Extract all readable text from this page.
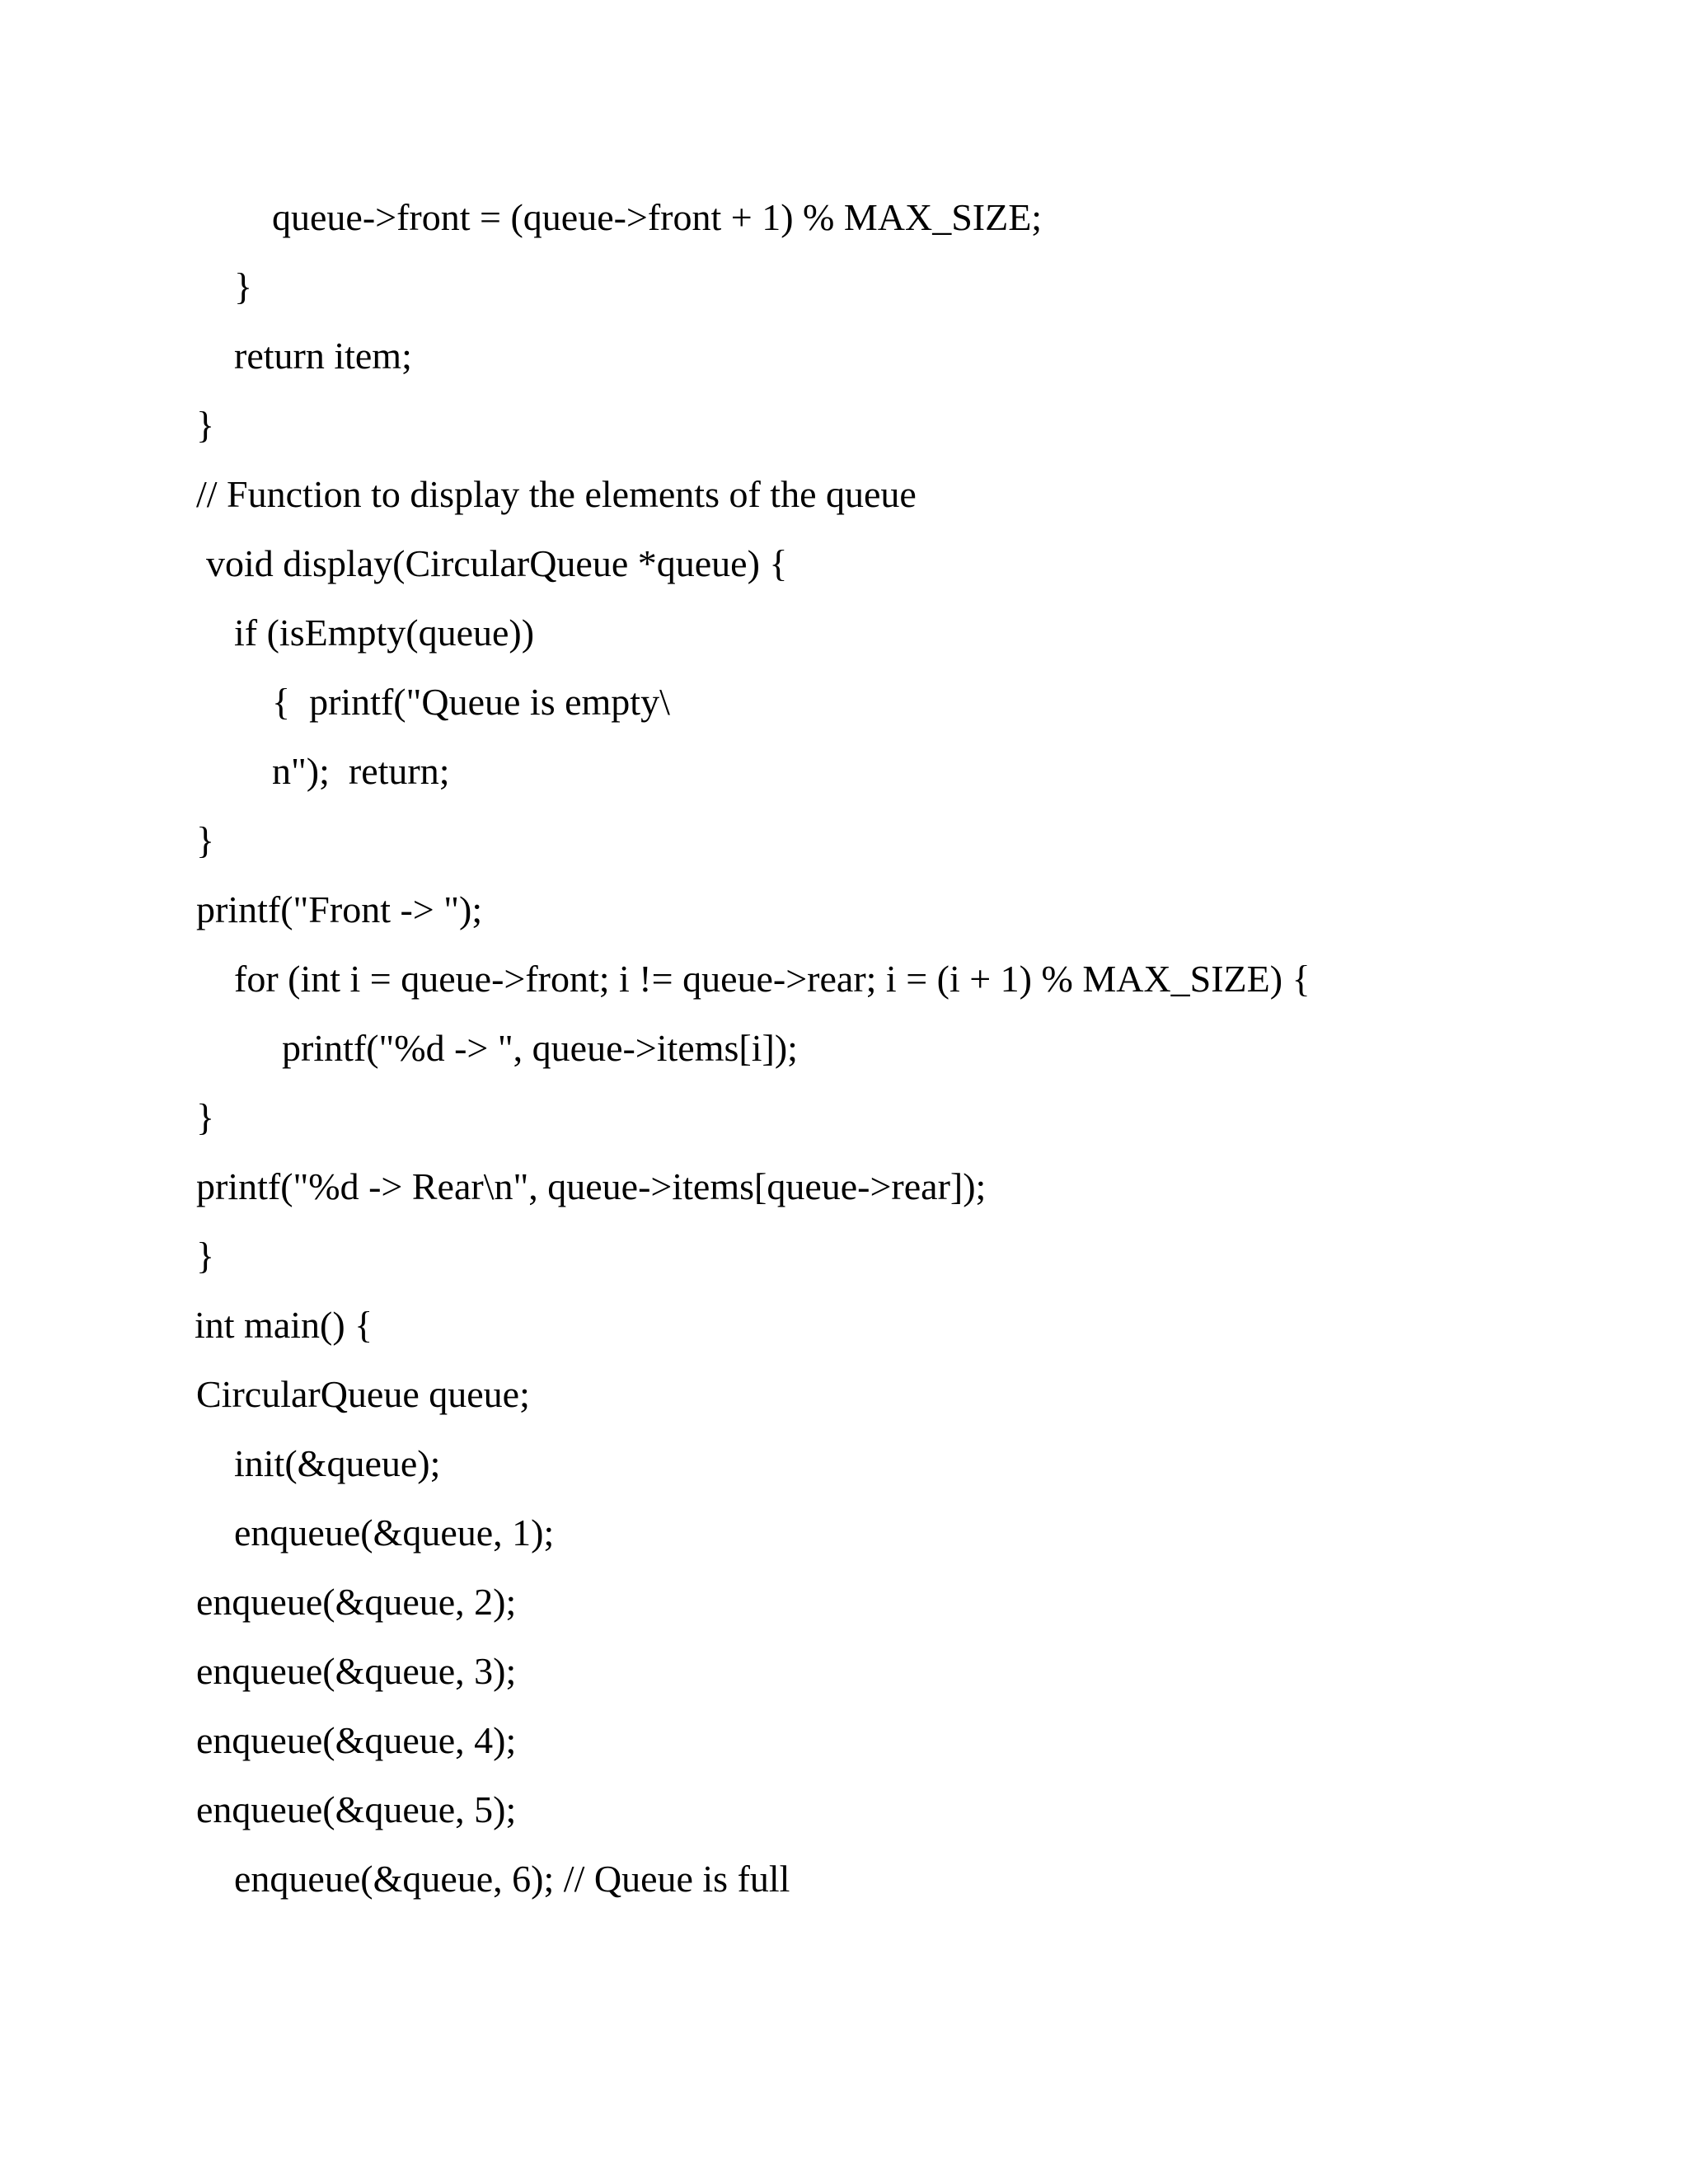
queue->front = (queue->front + 1) % MAX_SIZE;
}
return item;
}
// Function to display the elements of the queue
void display(CircularQueue *queue) {
if (isEmpty(queue))
{  printf("Queue is empty\
n");  return;
}
printf("Front -> ");
for (int i = queue->front; i != queue->rear; i = (i + 1) % MAX_SIZE) {
printf("%d -> ", queue->items[i]);
}
printf("%d -> Rear\n", queue->items[queue->rear]);
}
int main() {
CircularQueue queue;
init(&queue);
enqueue(&queue, 1);
enqueue(&queue, 2);
enqueue(&queue, 3);
enqueue(&queue, 4);
enqueue(&queue, 5);
enqueue(&queue, 6); // Queue is full
